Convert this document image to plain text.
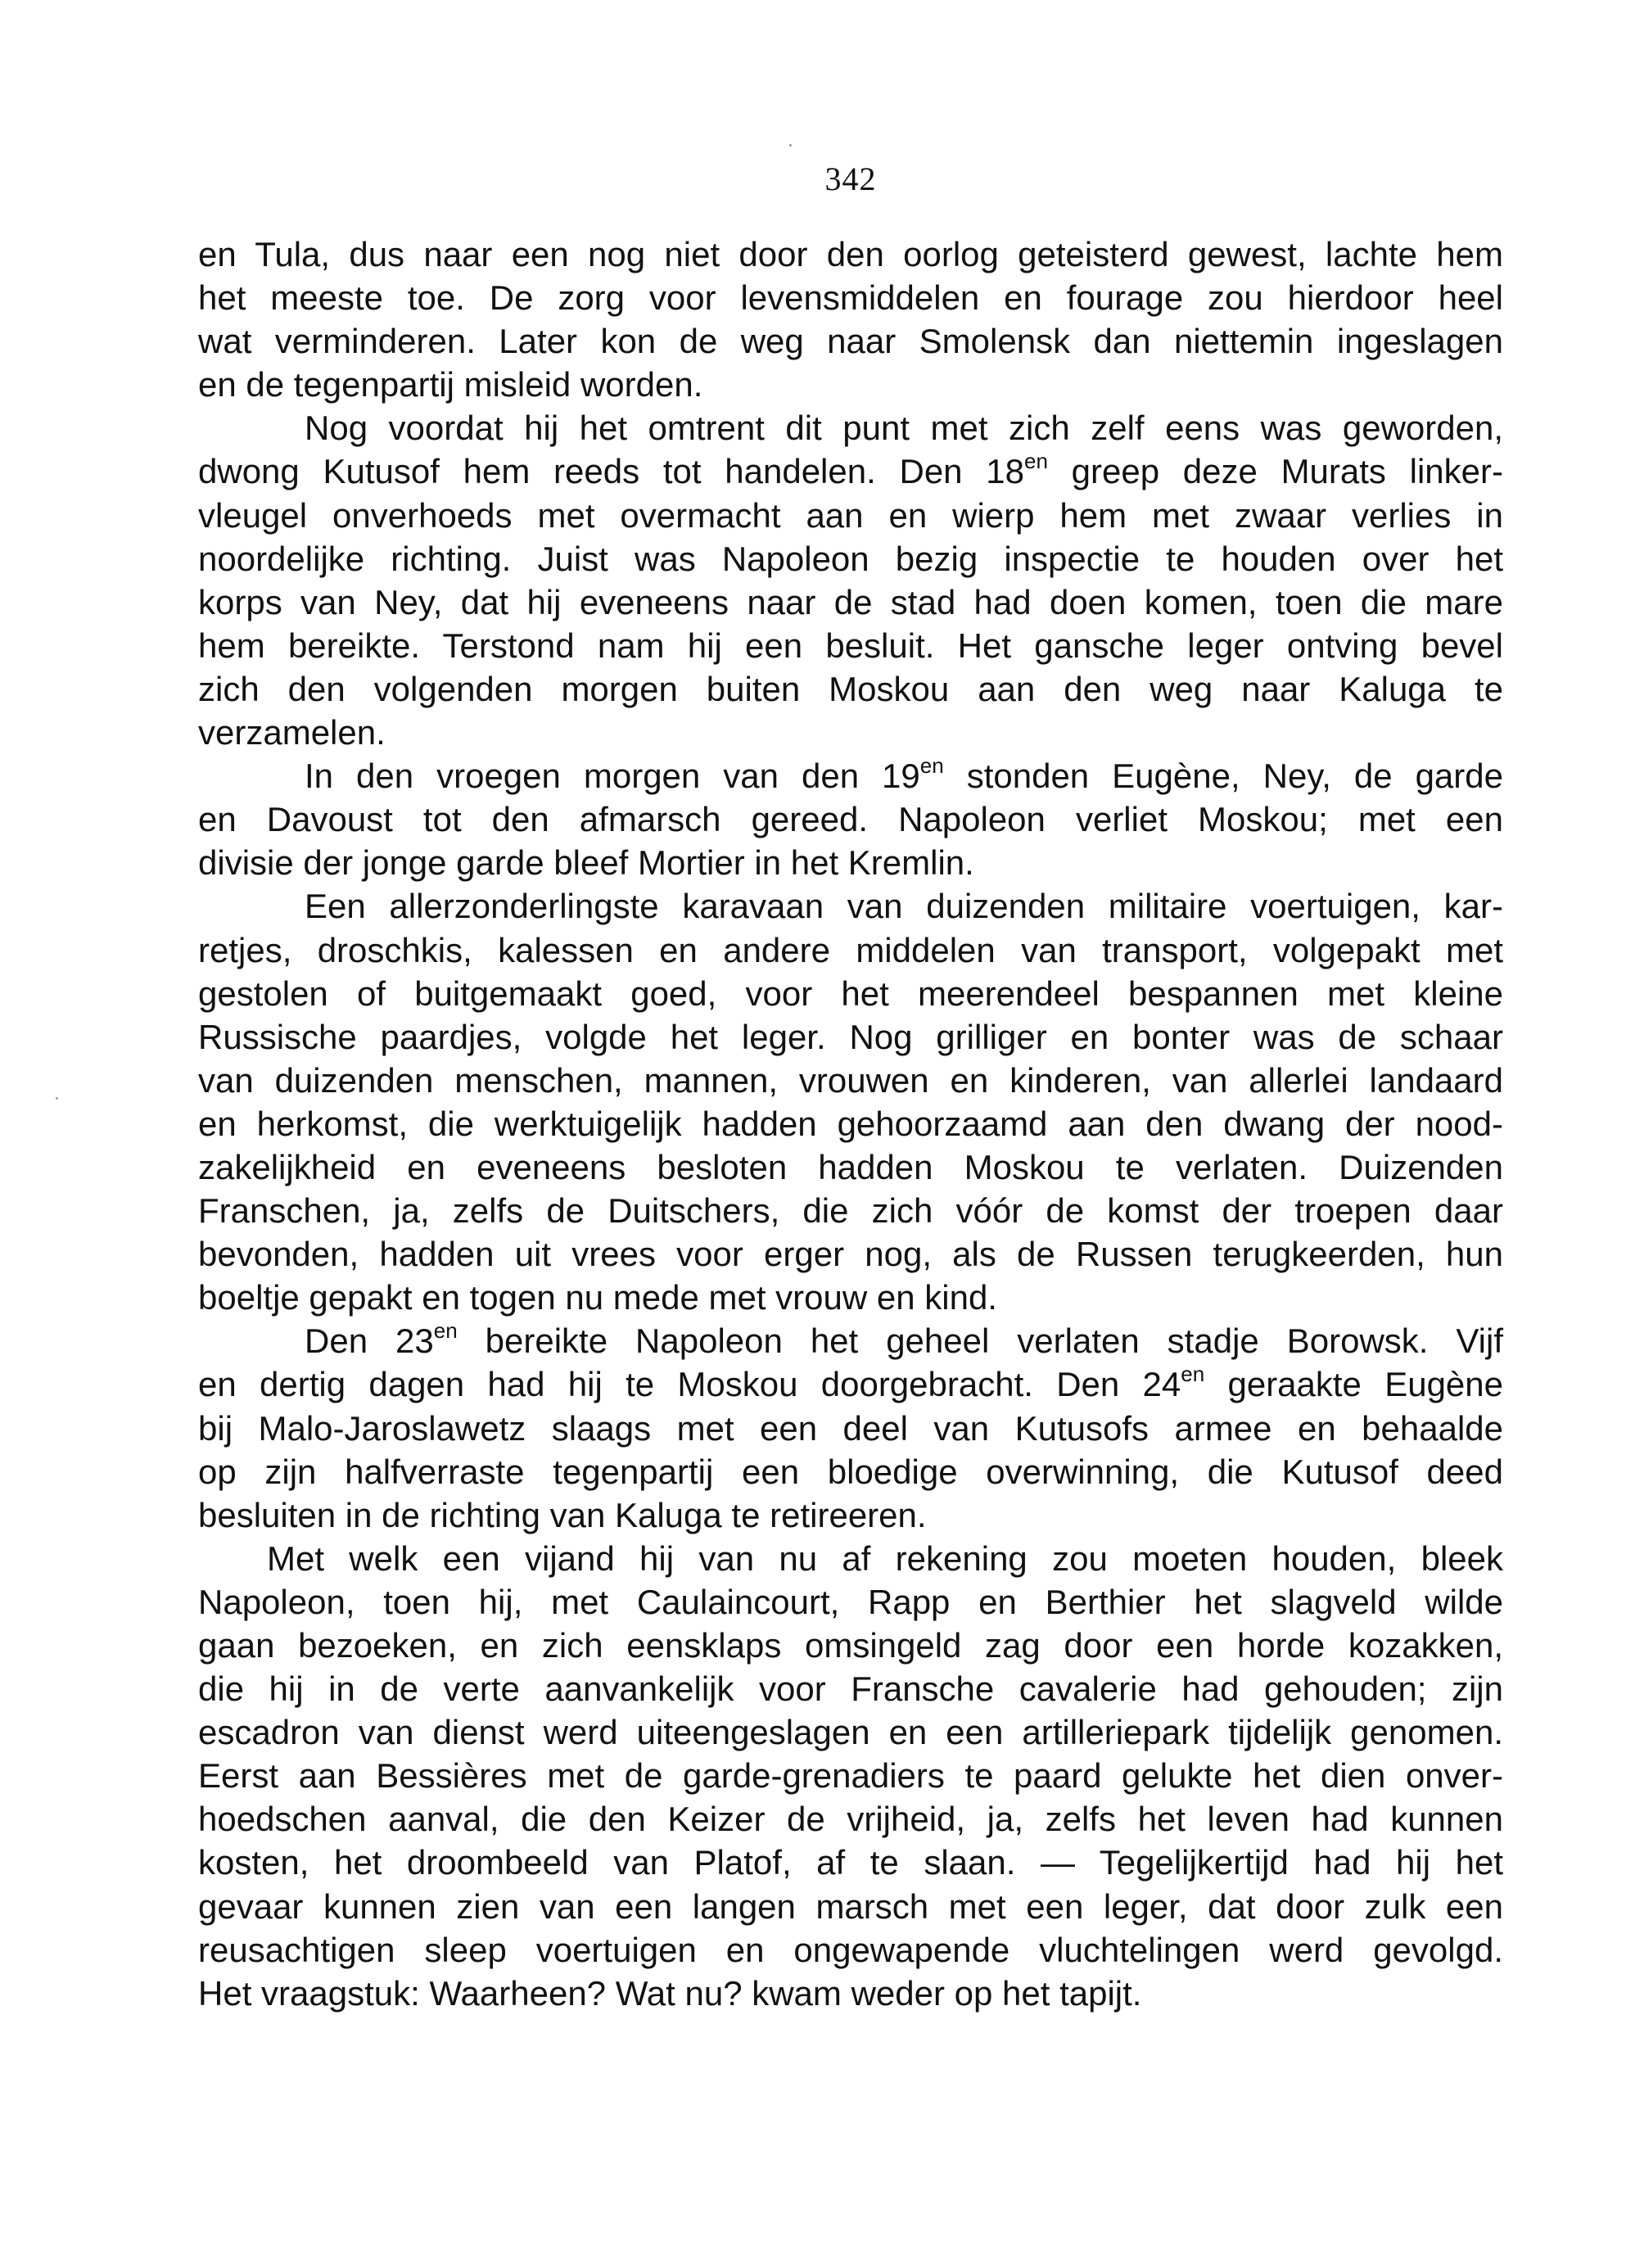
342

en Tula, dus naar een nog niet door den oorlog geteisterd gewest, lachte hem
het meeste toe. De zorg voor levensmiddelen en fourage zou hierdoor heel
wat verminderen. Later kon de weg naar Smolensk dan niettemin ingeslagen
en de tegenpartij misleid worden.

Nog voordat hij het omtrent dit punt met zich zelf eens was geworden,
dwong Kutusof hem reeds tot handelen. Den $18^{en}$ greep deze Murats linker-
vleugel onverhoeds met overmacht aan en wierp hem met zwaar verlies in
noordelijke richting. Juist was Napoleon bezig inspectie te houden over het
korps van Ney, dat hij eveneens naar de stad had doen komen, toen die mare
hem bereikte. Terstond nam hij een besluit. Het gansche leger ontving bevel
zich den volgenden morgen buiten Moskou aan den weg naar Kaluga te
verzamelen.

In den vroegen morgen van den $19^{en}$ stonden Eugène, Ney, de garde
en Davoust tot den afmarsch gereed. Napoleon verliet Moskou; met een
divisie der jonge garde bleef Mortier in het Kremlin.

Een allerzonderlingste karavaan van duizenden militaire voertuigen, kar-
retjes, droschkis, kalessen en andere middelen van transport, volgepakt met
gestolen of buitgemaakt goed, voor het meerendeel bespannen met kleine
Russische paardjes, volgde het leger. Nog grilliger en bonter was de schaar
van duizenden menschen, mannen, vrouwen en kinderen, van allerlei landaard
en herkomst, die werktuigelijk hadden gehoorzaamd aan den dwang der nood-
zakelijkheid en eveneens besloten hadden Moskou te verlaten. Duizenden
Franschen, ja, zelfs de Duitschers, die zich vóór de komst der troepen daar
bevonden, hadden uit vrees voor erger nog, als de Russen terugkeerden, hun
boeltje gepakt en togen nu mede met vrouw en kind.

Den $23^{en}$ bereikte Napoleon het geheel verlaten stadje Borowsk. Vijf
en dertig dagen had hij te Moskou doorgebracht. Den $24^{en}$ geraakte Eugène
bij Malo-Jaroslawetz slaags met een deel van Kutusofs armee en behaalde
op zijn halfverraste tegenpartij een bloedige overwinning, die Kutusof deed
besluiten in de richting van Kaluga te retireeren.

Met welk een vijand hij van nu af rekening zou moeten houden, bleek
Napoleon, toen hij, met Caulaincourt, Rapp en Berthier het slagveld wilde
gaan bezoeken, en zich eensklaps omsingeld zag door een horde kozakken,
die hij in de verte aanvankelijk voor Fransche cavalerie had gehouden; zijn
escadron van dienst werd uiteengeslagen en een artilleriepark tijdelijk genomen.
Eerst aan Bessières met de garde-grenadiers te paard gelukte het dien onver-
hoedschen aanval, die den Keizer de vrijheid, ja, zelfs het leven had kunnen
kosten, het droombeeld van Platof, af te slaan. — Tegelijkertijd had hij het
gevaar kunnen zien van een langen marsch met een leger, dat door zulk een
reusachtigen sleep voertuigen en ongewapende vluchtelingen werd gevolgd.
Het vraagstuk: Waarheen? Wat nu? kwam weder op het tapijt.
